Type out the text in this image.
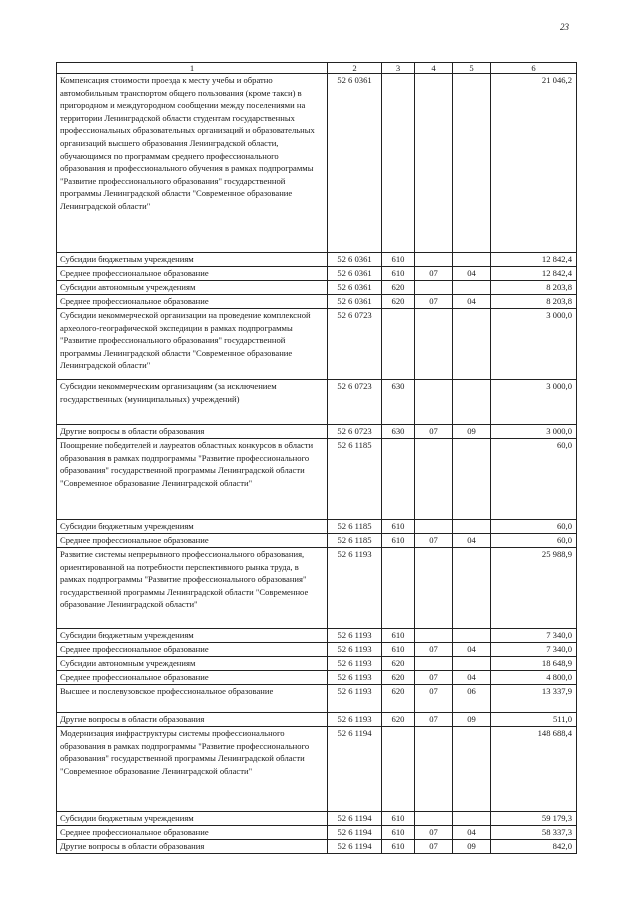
23
1	2	3	4	5	6
Компенсация стоимости проезда к месту учебы и обратно автомобильным транспортом общего пользования (кроме такси) в пригородном и междугородном сообщении между поселениями на территории Ленинградской области студентам государственных профессиональных образовательных организаций и образовательных организаций высшего образования Ленинградской области, обучающимся по программам среднего профессионального образования и профессионального обучения в рамках подпрограммы "Развитие профессионального образования" государственной программы Ленинградской области "Современное образование Ленинградской области"	52 6 0361				21 046,2
Субсидии бюджетным учреждениям	52 6 0361	610			12 842,4
Среднее профессиональное образование	52 6 0361	610	07	04	12 842,4
Субсидии автономным учреждениям	52 6 0361	620			8 203,8
Среднее профессиональное образование	52 6 0361	620	07	04	8 203,8
Субсидии некоммерческой организации на проведение комплексной археолого-географической экспедиции в рамках подпрограммы "Развитие профессионального образования" государственной программы Ленинградской области "Современное образование Ленинградской области"	52 6 0723				3 000,0
Субсидии некоммерческим организациям (за исключением государственных (муниципальных) учреждений)	52 6 0723	630			3 000,0
Другие вопросы в области образования	52 6 0723	630	07	09	3 000,0
Поощрение победителей и лауреатов областных конкурсов в области образования в рамках подпрограммы "Развитие профессионального образования" государственной программы Ленинградской области "Современное образование Ленинградской области"	52 6 1185				60,0
Субсидии бюджетным учреждениям	52 6 1185	610			60,0
Среднее профессиональное образование	52 6 1185	610	07	04	60,0
Развитие системы непрерывного профессионального образования, ориентированной на потребности перспективного рынка труда, в рамках подпрограммы "Развитие профессионального образования" государственной программы Ленинградской области "Современное образование Ленинградской области"	52 6 1193				25 988,9
Субсидии бюджетным учреждениям	52 6 1193	610			7 340,0
Среднее профессиональное образование	52 6 1193	610	07	04	7 340,0
Субсидии автономным учреждениям	52 6 1193	620			18 648,9
Среднее профессиональное образование	52 6 1193	620	07	04	4 800,0
Высшее и послевузовское профессиональное образование	52 6 1193	620	07	06	13 337,9
Другие вопросы в области образования	52 6 1193	620	07	09	511,0
Модернизация инфраструктуры системы профессионального образования в рамках подпрограммы "Развитие профессионального образования" государственной программы Ленинградской области "Современное образование Ленинградской области"	52 6 1194				148 688,4
Субсидии бюджетным учреждениям	52 6 1194	610			59 179,3
Среднее профессиональное образование	52 6 1194	610	07	04	58 337,3
Другие вопросы в области образования	52 6 1194	610	07	09	842,0
